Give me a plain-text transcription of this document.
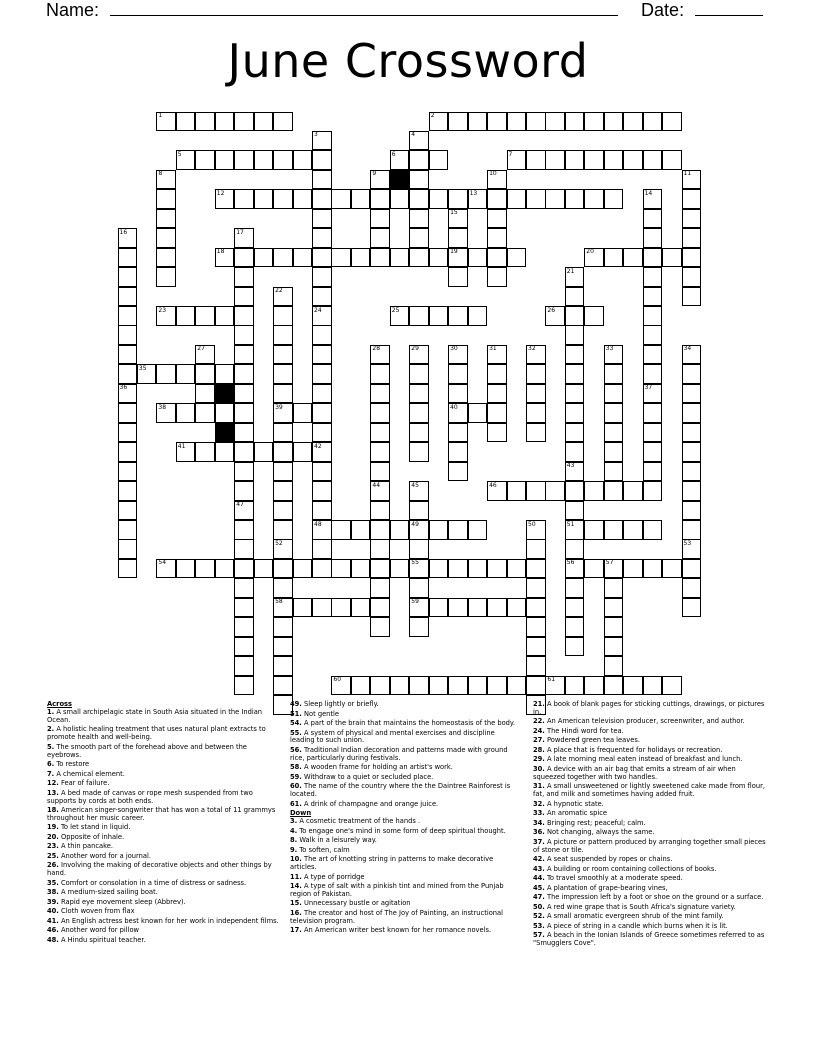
Name:	Date:
June Crossword
1	2
5	6	7
12	13
18	19	20
23	25	26
35
38	39	40
41
46
48	49	51
54	55	56
58	59
60	61
3	4
8	9	10	11
14
15
16	17
21
22
24
27	28	29	30	31	32	33	34
36	37
42
43
44	45
47
50
52	53
57
Across
1. A small archipelagic state in South Asia situated in the Indian Ocean.
2. A holistic healing treatment that uses natural plant extracts to promote health and well-being.
5. The smooth part of the forehead above and between the eyebrows.
6. To restore
7. A chemical element.
12. Fear of failure.
13. A bed made of canvas or rope mesh suspended from two supports by cords at both ends.
18. American singer-songwriter that has won a total of 11 grammys throughout her music career.
19. To let stand in liquid.
20. Opposite of inhale.
23. A thin pancake.
25. Another word for a journal.
26. Involving the making of decorative objects and other things by hand.
35. Comfort or consolation in a time of distress or sadness.
38. A medium-sized sailing boat.
39. Rapid eye movement sleep (Abbrev).
40. Cloth woven from flax
41. An English actress best known for her work in independent films.
46. Another word for pillow
48. A Hindu spiritual teacher.
49. Sleep lightly or briefly.
51. Not gentle
54. A part of the brain that maintains the homeostasis of the body.
55. A system of physical and mental exercises and discipline leading to such union.
56. Traditional Indian decoration and patterns made with ground rice, particularly during festivals.
58. A wooden frame for holding an artist's work.
59. Withdraw to a quiet or secluded place.
60. The name of the country where the the Daintree Rainforest is located.
61. A drink of champagne and orange juice.
Down
3. A cosmetic treatment of the hands .
4. To engage one's mind in some form of deep spiritual thought.
8. Walk in a leisurely way.
9. To soften, calm
10. The art of knotting string in patterns to make decorative articles.
11. A type of porridge
14. A type of salt with a pinkish tint and mined from the Punjab region of Pakistan.
15. Unnecessary bustle or agitation
16. The creator and host of The Joy of Painting, an instructional television program.
17. An American writer best known for her romance novels.
21. A book of blank pages for sticking cuttings, drawings, or pictures in.
22. An American television producer, screenwriter, and author.
24. The Hindi word for tea.
27. Powdered green tea leaves.
28. A place that is frequented for holidays or recreation.
29. A late morning meal eaten instead of breakfast and lunch.
30. A device with an air bag that emits a stream of air when squeezed together with two handles.
31. A small unsweetened or lightly sweetened cake made from flour, fat, and milk and sometimes having added fruit.
32. A hypnotic state.
33. An aromatic spice
34. Bringing rest; peaceful; calm.
36. Not changing, always the same.
37. A picture or pattern produced by arranging together small pieces of stone or tile.
42. A seat suspended by ropes or chains.
43. A building or room containing collections of books.
44. To travel smoothly at a moderate speed.
45. A plantation of grape-bearing vines,
47. The impression left by a foot or shoe on the ground or a surface.
50. A red wine grape that is South Africa's signature variety.
52. A small aromatic evergreen shrub of the mint family.
53. A piece of string in a candle which burns when it is lit.
57. A beach in the Ionian Islands of Greece sometimes referred to as "Smugglers Cove".
